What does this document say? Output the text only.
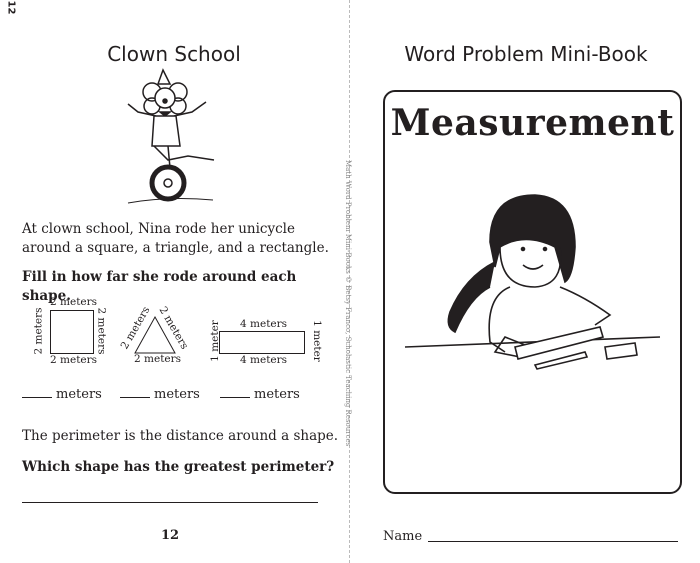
12
Clown School
At clown school, Nina rode her unicycle
around a square, a triangle, and a rectangle.
Fill in how far she rode around each shape.
2 meters
2 meters
2 meters	2 meters 2 meters 2 meters
2 meters
4 meters
4 meters
1 meter	1 meter
meters	meters	meters
The perimeter is the distance around a shape.
Which shape has the greatest perimeter?
12
Math Word Problem Mini-Books © Betsy Franco, Scholastic Teaching Resources
Word Problem Mini-Book
Measurement
Name
